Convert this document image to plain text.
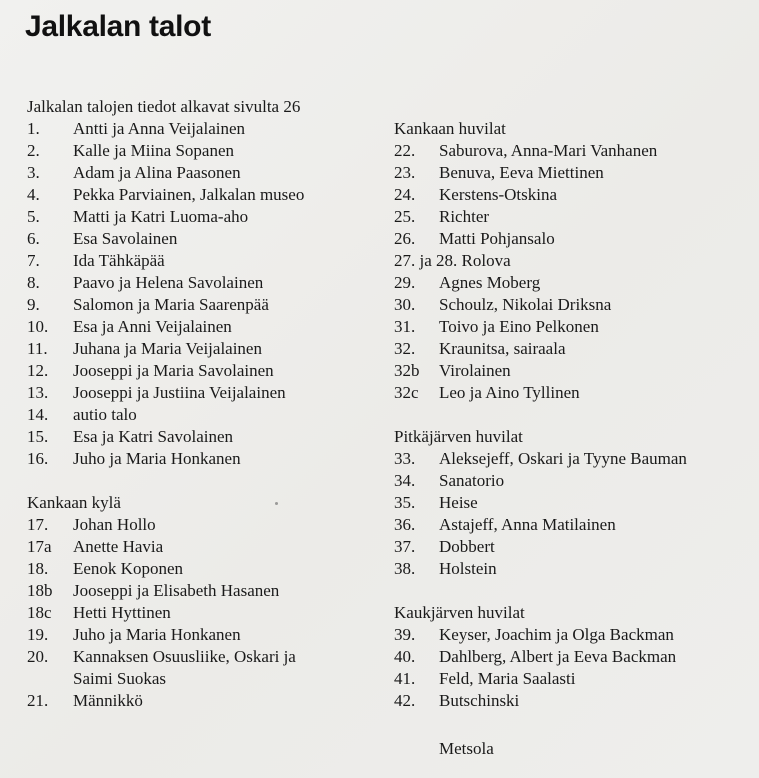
Jalkalan talot
Jalkalan talojen tiedot alkavat sivulta 26
1. Antti ja Anna Veijalainen
2. Kalle ja Miina Sopanen
3. Adam ja Alina Paasonen
4. Pekka Parviainen, Jalkalan museo
5. Matti ja Katri Luoma-aho
6. Esa Savolainen
7. Ida Tähkäpää
8. Paavo ja Helena Savolainen
9. Salomon ja Maria Saarenpää
10. Esa ja Anni Veijalainen
11. Juhana ja Maria Veijalainen
12. Jooseppi ja Maria Savolainen
13. Jooseppi ja Justiina Veijalainen
14. autio talo
15. Esa ja Katri Savolainen
16. Juho ja Maria Honkanen
Kankaan kylä
17. Johan Hollo
17a Anette Havia
18. Eenok Koponen
18b Jooseppi ja Elisabeth Hasanen
18c Hetti Hyttinen
19. Juho ja Maria Honkanen
20. Kannaksen Osuusliike, Oskari ja
Saimi Suokas
21. Männikkö
Kankaan huvilat
22. Saburova, Anna-Mari Vanhanen
23. Benuva, Eeva Miettinen
24. Kerstens-Otskina
25. Richter
26. Matti Pohjansalo
27. ja 28. Rolova
29. Agnes Moberg
30. Schoulz, Nikolai Driksna
31. Toivo ja Eino Pelkonen
32. Kraunitsa, sairaala
32b Virolainen
32c Leo ja Aino Tyllinen
Pitkäjärven huvilat
33. Aleksejeff, Oskari ja Tyyne Bauman
34. Sanatorio
35. Heise
36. Astajeff, Anna Matilainen
37. Dobbert
38. Holstein
Kaukjärven huvilat
39. Keyser, Joachim ja Olga Backman
40. Dahlberg, Albert ja Eeva Backman
41. Feld, Maria Saalasti
42. Butschinski
Metsola
